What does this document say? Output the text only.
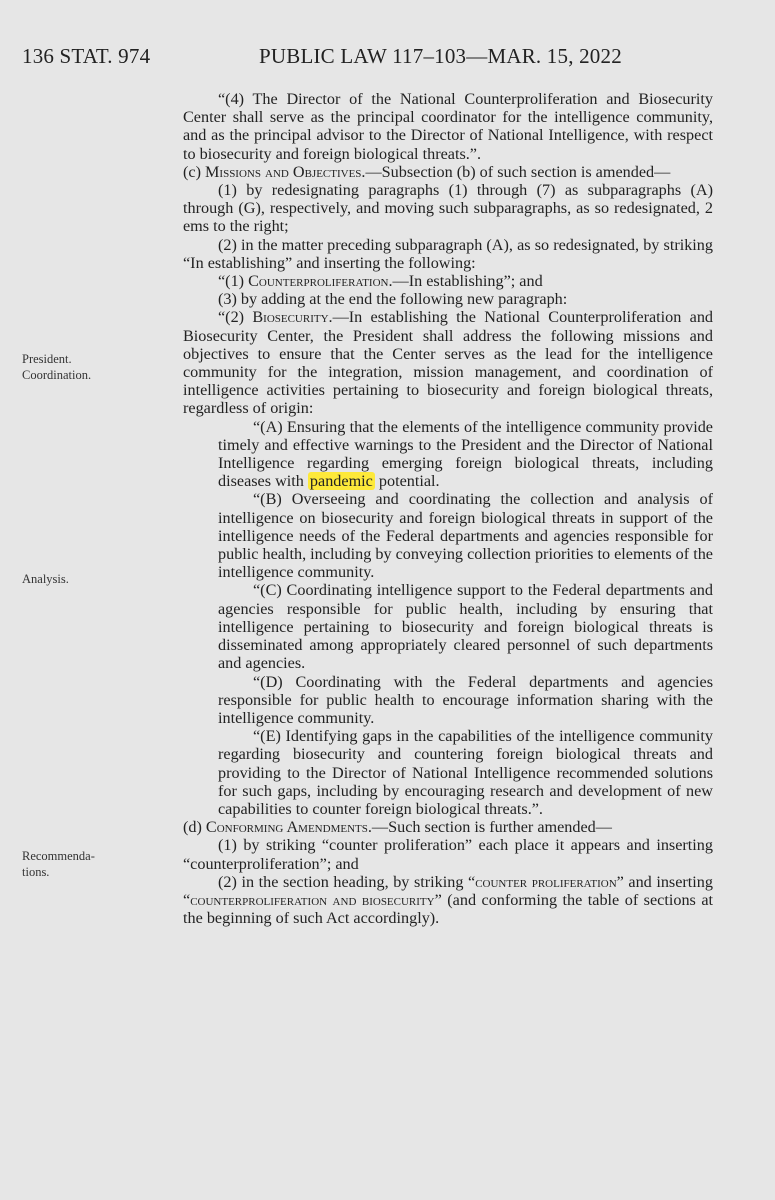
136 STAT. 974	PUBLIC LAW 117–103—MAR. 15, 2022
President.
Coordination.
Analysis.
Recommenda-
tions.

“(4) The Director of the National Counterproliferation and Biosecurity Center shall serve as the principal coordinator for the intelligence community, and as the principal advisor to the Director of National Intelligence, with respect to biosecurity and foreign biological threats.”.

(c) Missions and Objectives.—Subsection (b) of such section is amended—

(1) by redesignating paragraphs (1) through (7) as subparagraphs (A) through (G), respectively, and moving such subparagraphs, as so redesignated, 2 ems to the right;

(2) in the matter preceding subparagraph (A), as so redesignated, by striking “In establishing” and inserting the following:

“(1) Counterproliferation.—In establishing”; and

(3) by adding at the end the following new paragraph:

“(2) Biosecurity.—In establishing the National Counterproliferation and Biosecurity Center, the President shall address the following missions and objectives to ensure that the Center serves as the lead for the intelligence community for the integration, mission management, and coordination of intelligence activities pertaining to biosecurity and foreign biological threats, regardless of origin:

“(A) Ensuring that the elements of the intelligence community provide timely and effective warnings to the President and the Director of National Intelligence regarding emerging foreign biological threats, including diseases with pandemic potential.

“(B) Overseeing and coordinating the collection and analysis of intelligence on biosecurity and foreign biological threats in support of the intelligence needs of the Federal departments and agencies responsible for public health, including by conveying collection priorities to elements of the intelligence community.

“(C) Coordinating intelligence support to the Federal departments and agencies responsible for public health, including by ensuring that intelligence pertaining to biosecurity and foreign biological threats is disseminated among appropriately cleared personnel of such departments and agencies.

“(D) Coordinating with the Federal departments and agencies responsible for public health to encourage information sharing with the intelligence community.

“(E) Identifying gaps in the capabilities of the intelligence community regarding biosecurity and countering foreign biological threats and providing to the Director of National Intelligence recommended solutions for such gaps, including by encouraging research and development of new capabilities to counter foreign biological threats.”.

(d) Conforming Amendments.—Such section is further amended—

(1) by striking “counter proliferation” each place it appears and inserting “counterproliferation”; and

(2) in the section heading, by striking “counter proliferation” and inserting “counterproliferation and biosecurity” (and conforming the table of sections at the beginning of such Act accordingly).
